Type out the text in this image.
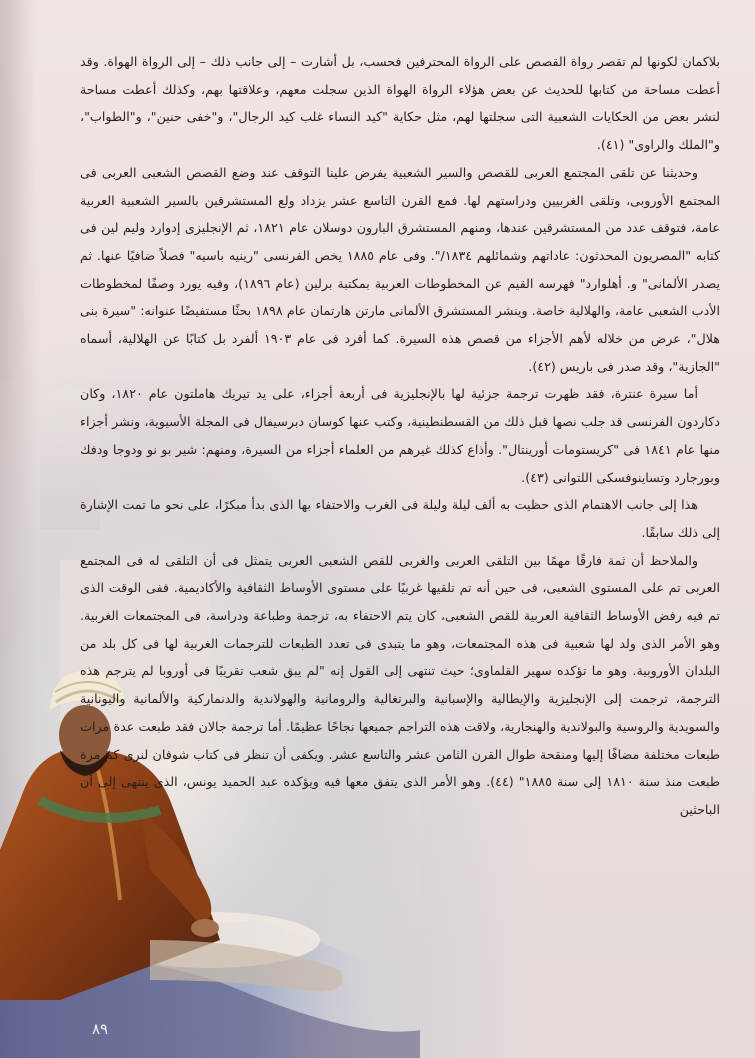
بلاكمان لكونها لم تقصر رواة القصص على الرواة المحترفين فحسب، بل أشارت – إلى جانب ذلك – إلى الرواة الهواة. وقد أعطت مساحة من كتابها للحديث عن بعض هؤلاء الرواة الهواة الذين سجلت معهم، وعلاقتها بهم، وكذلك أعطت مساحة لنشر بعض من الحكايات الشعبية التى سجلتها لهم، مثل حكاية "كيد النساء غلب كيد الرجال"، و"خفى حنين"، و"الطواب"، و"الملك والراوى" (٤١).

وحديثنا عن تلقى المجتمع العربى للقصص والسير الشعبية يفرض علينا التوقف عند وضع القصص الشعبى العربى فى المجتمع الأوروبى، وتلقى الغربيين ودراستهم لها. فمع القرن التاسع عشر يزداد ولع المستشرقين بالسير الشعبية العربية عامة، فتوقف عدد من المستشرقين عندها، ومنهم المستشرق البارون دوسلان عام ١٨٢١، ثم الإنجليزى إدوارد وليم لين فى كتابه "المصريون المحدثون: عاداتهم وشمائلهم ١٨٣٤/". وفى عام ١٨٨٥ يخص الفرنسى "رينيه باسيه" فصلاً ضافيًا عنها. ثم يصدر الألمانى" و. أهلوارد" فهرسه القيم عن المخطوطات العربية بمكتبة برلين (عام ١٨٩٦)، وفيه يورد وصفًا لمخطوطات الأدب الشعبى عامة، والهلالية خاصة. وينشر المستشرق الألمانى مارتن هارتمان عام ١٨٩٨ بحثًا مستفيضًا عنوانه: "سيرة بنى هلال"، عرض من خلاله لأهم الأجزاء من قصص هذه السيرة. كما أفرد فى عام ١٩٠٣ ألفرد بل كتابًا عن الهلالية، أسماه "الجازية"، وقد صدر فى باريس (٤٢).

أما سيرة عنترة، فقد ظهرت ترجمة جزئية لها بالإنجليزية فى أربعة أجزاء، على يد تيريك هاملتون عام ١٨٢٠، وكان دكاردون الفرنسى قد جلب نصها قبل ذلك من القسطنطينية، وكتب عنها كوسان دبرسيفال فى المجلة الأسيوية، ونشر أجزاء منها عام ١٨٤١ فى "كريستومات أورينتال". وأذاع كذلك غيرهم من العلماء أجزاء من السيرة، ومنهم: شير بو نو ودوجا ودفك وبورجارد وتساينوفسكى اللتوانى (٤٣).

هذا إلى جانب الاهتمام الذى حظيت به ألف ليلة وليلة فى الغرب والاحتفاء بها الذى بدأ مبكرًا، على نحو ما تمت الإشارة إلى ذلك سابقًا.

والملاحظ أن ثمة فارقًا مهمًا بين التلقى العربى والغربى للقص الشعبى العربى يتمثل فى أن التلقى له فى المجتمع العربى تم على المستوى الشعبى، فى حين أنه تم تلقيها غربيًا على مستوى الأوساط الثقافية والأكاديمية. ففى الوقت الذى تم فيه رفض الأوساط الثقافية العربية للقص الشعبى، كان يتم الاحتفاء به، ترجمة وطباعة ودراسة، فى المجتمعات الغربية. وهو الأمر الذى ولد لها شعبية فى هذه المجتمعات، وهو ما يتبدى فى تعدد الطبعات للترجمات الغربية لها فى كل بلد من البلدان الأوروبية. وهو ما تؤكده سهير القلماوى؛ حيث تنتهى إلى القول إنه "لم يبق شعب تقريبًا فى أوروبا لم يترجم هذه الترجمة، ترجمت إلى الإنجليزية والإيطالية والإسبانية والبرتغالية والرومانية والهولاندية والدنماركية والألمانية واليونانية والسويدية والروسية والبولاندية والهنجارية، ولاقت هذه التراجم جميعها نجاحًا عظيمًا. أما ترجمة جالان فقد طبعت عدة مرات طبعات مختلفة مضافًا إليها ومنقحة طوال القرن الثامن عشر والتاسع عشر. ويكفى أن تنظر فى كتاب شوفان لنرى كم مرة طبعت منذ سنة ١٨١٠ إلى سنة ١٨٨٥" (٤٤). وهو الأمر الذى يتفق معها فيه ويؤكده عبد الحميد يونس، الذى ينتهى إلى أن الباحثين

٨٩
